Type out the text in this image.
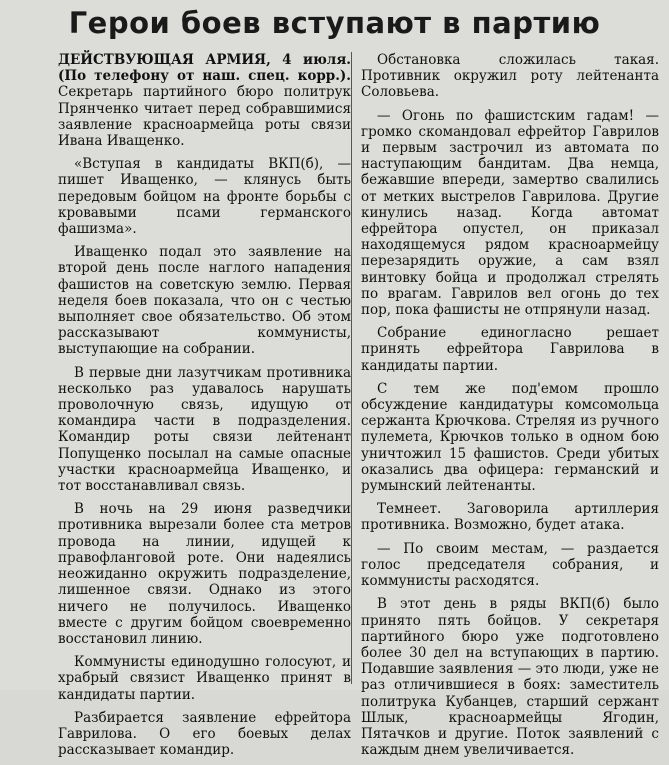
Герои боев вступают в партию

ДЕЙСТВУЮЩАЯ АРМИЯ, 4 июля. (По телефону от наш. спец. корр.). Секретарь партийного бюро политрук Прянченко читает перед собравшимися заявление красноармейца роты связи Ивана Иващенко.

«Вступая в кандидаты ВКП(б), — пишет Иващенко, — клянусь быть передовым бойцом на фронте борьбы с кровавыми псами германского фашизма».

Иващенко подал это заявление на второй день после наглого нападения фашистов на советскую землю. Первая неделя боев показала, что он с честью выполняет свое обязательство. Об этом рассказывают коммунисты, выступающие на собрании.

В первые дни лазутчикам противника несколько раз удавалось нарушать проволочную связь, идущую от командира части в подразделения. Командир роты связи лейтенант Попущенко посылал на самые опасные участки красноармейца Иващенко, и тот восстанавливал связь.

В ночь на 29 июня разведчики противника вырезали более ста метров провода на линии, идущей к правофланговой роте. Они надеялись неожиданно окружить подразделение, лишенное связи. Однако из этого ничего не получилось. Иващенко вместе с другим бойцом своевременно восстановил линию.

Коммунисты единодушно голосуют, и храбрый связист Иващенко принят в кандидаты партии.

Разбирается заявление ефрейтора Гаврилова. О его боевых делах рассказывает командир.

Обстановка сложилась такая. Противник окружил роту лейтенанта Соловьева.

— Огонь по фашистским гадам! — громко скомандовал ефрейтор Гаврилов и первым застрочил из автомата по наступающим бандитам. Два немца, бежавшие впереди, замертво свалились от метких выстрелов Гаврилова. Другие кинулись назад. Когда автомат ефрейтора опустел, он приказал находящемуся рядом красноармейцу перезарядить оружие, а сам взял винтовку бойца и продолжал стрелять по врагам. Гаврилов вел огонь до тех пор, пока фашисты не отпрянули назад.

Собрание единогласно решает принять ефрейтора Гаврилова в кандидаты партии.

С тем же под'емом прошло обсуждение кандидатуры комсомольца сержанта Крючкова. Стреляя из ручного пулемета, Крючков только в одном бою уничтожил 15 фашистов. Среди убитых оказались два офицера: германский и румынский лейтенанты.

Темнеет. Заговорила артиллерия противника. Возможно, будет атака.

— По своим местам, — раздается голос председателя собрания, и коммунисты расходятся.

В этот день в ряды ВКП(б) было принято пять бойцов. У секретаря партийного бюро уже подготовлено более 30 дел на вступающих в партию. Подавшие заявления — это люди, уже не раз отличившиеся в боях: заместитель политрука Кубанцев, старший сержант Шлык, красноармейцы Ягодин, Пятачков и другие. Поток заявлений с каждым днем увеличивается.
